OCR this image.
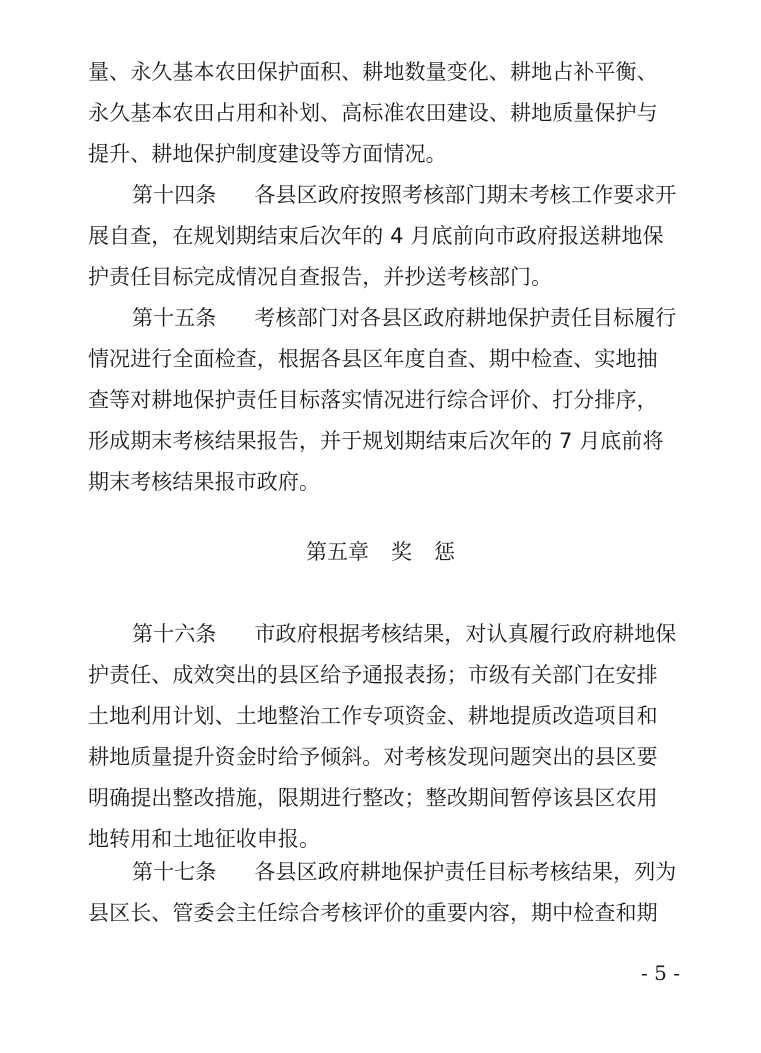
量、永久基本农田保护面积、耕地数量变化、耕地占补平衡、
永久基本农田占用和补划、高标准农田建设、耕地质量保护与
提升、耕地保护制度建设等方面情况。
第十四条 各县区政府按照考核部门期末考核工作要求开
展自查，在规划期结束后次年的 4 月底前向市政府报送耕地保
护责任目标完成情况自查报告，并抄送考核部门。
第十五条 考核部门对各县区政府耕地保护责任目标履行
情况进行全面检查，根据各县区年度自查、期中检查、实地抽
查等对耕地保护责任目标落实情况进行综合评价、打分排序，
形成期末考核结果报告，并于规划期结束后次年的 7 月底前将
期末考核结果报市政府。
第五章 奖 惩
第十六条 市政府根据考核结果，对认真履行政府耕地保
护责任、成效突出的县区给予通报表扬；市级有关部门在安排
土地利用计划、土地整治工作专项资金、耕地提质改造项目和
耕地质量提升资金时给予倾斜。对考核发现问题突出的县区要
明确提出整改措施，限期进行整改；整改期间暂停该县区农用
地转用和土地征收申报。
第十七条 各县区政府耕地保护责任目标考核结果，列为
县区长、管委会主任综合考核评价的重要内容，期中检查和期
- 5 -
